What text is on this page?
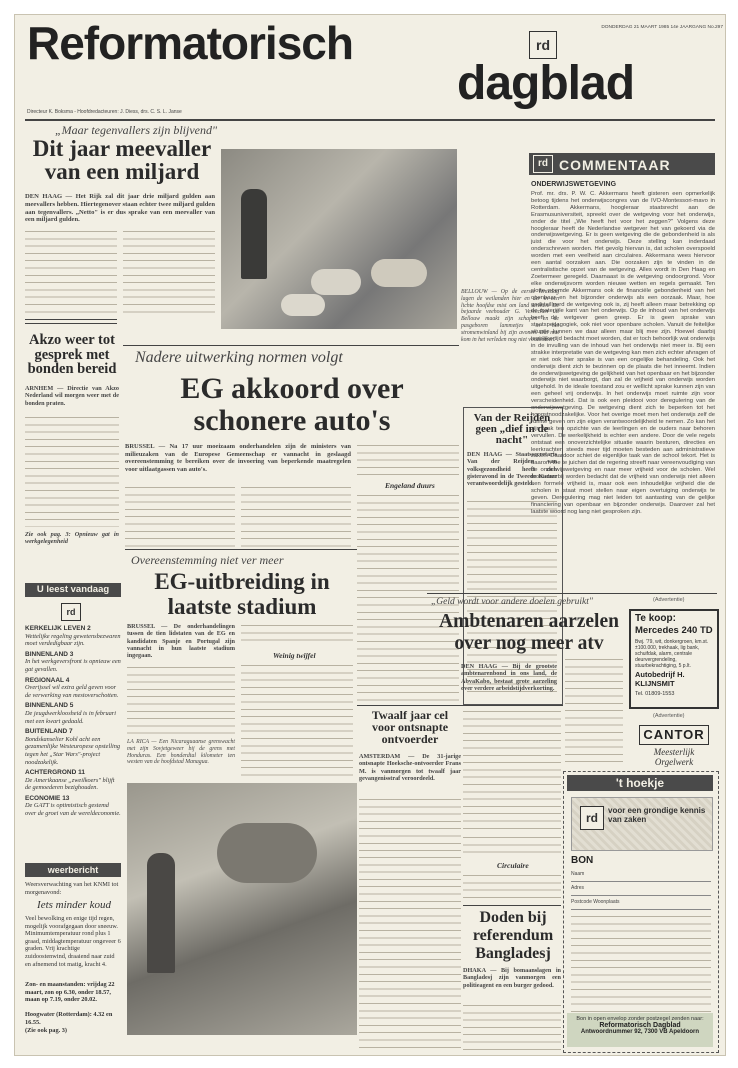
Reformatorisch	rd
DONDERDAG 21 MAART 1985 14e JAARGANG No.297
dagblad
Directeur K. Boksma - Hoofdredacteuren: J. Diess, drs. C. S. L. Janse
„Maar tegenvallers zijn blijvend"
Dit jaar meevaller van een miljard
DEN HAAG — Het Rijk zal dit jaar drie miljard gulden aan meevallers hebben. Hiertegenover staan echter twee miljard gulden aan tegenvallers. „Netto" is er dus sprake van een meevaller van een miljard gulden.
BELLOUW — Op de eerste lentedag lagen de weilanden hier en der in een lichte hoofdse mist om land streken. De bejaarde veehouder G. Vereecken uit Bellouw maakt zijn schapen en de pasgeboren lammetjes in het stromenwinland bij zijn avonen. Dat mat kom in het verleden nog niet voorkomen.
Akzo weer tot gesprek met bonden bereid
ARNHEM — Directie van Akzo Nederland wil morgen weer met de bonden praten.
Zie ook pag. 3: Opnieuw gat in werkgelegenheid
Nadere uitwerking normen volgt
EG akkoord over schonere auto's
BRUSSEL — Na 17 uur moeizaam onderhandelen zijn de ministers van milieuzaken van de Europese Gemeenschap er vannacht in geslaagd overeenstemming te bereiken over de invoering van beperkende maatregelen voor uitlaatgassen van auto's.
Engeland duurs
Van der Reijden geen „dief in de nacht"
DEN HAAG — Staatssecretaris Van der Reijden van volksgezondheid heeft zich gisteravond in de Tweede Kamer verantwoordelijk gesteld.
rd COMMENTAAR
ONDERWIJSWETGEVING
Prof. mr. drs. P. W. C. Akkermans heeft gisteren een opmerkelijk betoog tijdens het onderwijscongres van de IVO-Montessori-mavo in Rotterdam. Akkermans, hoogleraar staatsrecht aan de Erasmusuniversiteit, spreekt over de wetgeving voor het onderwijs, onder de titel „Wie heeft het voor het zeggen?" Volgens deze hoogleraar heeft de Nederlandse wetgever het van gekoerd via de onderwijswetgeving. Er is geen wetgeving die de gebondenheid is als juist die voor het onderwijs. Deze stelling kan inderdaad onderschreven worden. Het gevolg hiervan is, dat scholen overspoeld worden met een veelheid aan circulaires. Akkermans wees hiervoor een aantal oorzaken aan. Die oorzaken zijn te vinden in de centralistische opzet van de wetgeving. Alles wordt in Den Haag en Zoetermeer geregeld. Daarnaast is de wetgeving ondoorgrond. Voor elke onderwijsvorm worden nieuwe wetten en regels gemaakt. Ten slotte noemde Akkermans ook de financiële gebondenheid van het openbaar en het bijzonder onderwijs als een oorzaak. Maar, hoe gedetailleerd de wetgeving ook is, zij heeft alleen maar betrekking op de materiële kant van het onderwijs. Op de inhoud van het onderwijs heeft de wetgever geen greep. Er is geen sprake van staatspedagogiek, ook niet voor openbare scholen. Vanuit de feitelijke situatie kunnen we daar alleen maar blij mee zijn. Hoewel daarbij tegelijkertijd bedacht moet worden, dat er toch behoorlijk wat onderwijs in de invulling van de inhoud van het onderwijs niet meer is. Bij een strakke interpretatie van de wetgeving kan men zich echter afvragen of er niet ook hier sprake is van een ongelijke behandeling. Ook het onderwijs dient zich te bezinnen op de plaats die het inneemt. Indien de onderwijswetgeving de gelijkheid van het openbaar en het bijzonder onderwijs niet waarborgt, dan zal de vrijheid van onderwijs worden uitgehold. In de ideale toestand zou er wellicht sprake kunnen zijn van een geheel vrij onderwijs. In het onderwijs moet ruimte zijn voor verscheidenheid. Dat is ook een pleidooi voor deregulering van de onderwijswetgeving. De wetgeving dient zich te beperken tot het hoogstnoodzakelijke. Voor het overige moet men het onderwijs zelf de ruimte geven om zijn eigen verantwoordelijkheid te nemen. Zo kan het zijn taak ten opzichte van de leerlingen en de ouders naar behoren vervullen. De werkelijkheid is echter een andere. Door de vele regels ontstaat een onoverzichtelijke situatie waarin besturen, directies en leerkrachten steeds meer tijd moeten besteden aan administratieve zaken. Daardoor schiet de eigenlijke taak van de school tekort. Het is daarom toe te juichen dat de regering streeft naar vereenvoudiging van de onderwijswetgeving en naar meer vrijheid voor de scholen. Wel moet daarbij worden bedacht dat de vrijheid van onderwijs niet alleen een formele vrijheid is, maar ook een inhoudelijke vrijheid die de scholen in staat moet stellen naar eigen overtuiging onderwijs te geven. Deregulering mag niet leiden tot aantasting van de gelijke financiering van openbaar en bijzonder onderwijs. Daarover zal het laatste woord nog lang niet gesproken zijn.
U leest vandaag
rd
KERKELIJK LEVEN 2
Wettelijke regeling gewetensbezwaren moet verdedigbaar zijn.
BINNENLAND 3
In het werkgeversfront is opnieuw een gat gevallen.
REGIONAAL 4
Overijssel wil extra geld geven voor de verwerking van mestoverschotten.
BINNENLAND 5
De jeugdwerkloosheid is in februari met een kwart gedaald.
BUITENLAND 7
Bondskanselier Kohl acht een gezamenlijke Westeuropese opstelling tegen het „Star Wars"-project noodzakelijk.
ACHTERGROND 11
De Amerikaanse „zweilkoers" blijft de gemoederen bezighouden.
ECONOMIE 13
De GATT is optimistisch gestemd over de groei van de wereldeconomie.
weerbericht
Weersverwachting van het KNMI tot morgenavond:
Iets minder koud
Veel bewolking en enige tijd regen, mogelijk voorafgegaan door sneeuw. Minimumtemperatuur rond plus 1 graad, middagtemperatuur ongeveer 6 graden. Vrij krachtige zuidoostenwind, draaiend naar zuid en afnemend tot matig, kracht 4.
Zon- en maanstanden: vrijdag 22 maart, zon op 6.30, onder 18.57, maan op 7.19, onder 20.02.
Hoogwater (Rotterdam): 4.32 en 16.55.
(Zie ook pag. 3)
Overeenstemming niet ver meer
EG-uitbreiding in laatste stadium
BRUSSEL — De onderhandelingen tussen de tien lidstaten van de EG en kandidaten Spanje en Portugal zijn vannacht in hun laatste stadium ingegaan.
LA RICA — Een Nicaraguaanse grenswacht met zijn Sovjetgeweer bij de grens met Honduras. Een honderdtal kilometer ten westen van de hoofdstad Managua.
Weinig twijfel
Twaalf jaar cel voor ontsnapte ontvoerder
AMSTERDAM — De 31-jarige ontsnapte Hoeksche-ontvoerder Frans M. is vanmorgen tot twaalf jaar gevangenisstraf veroordeeld.
„Geld wordt voor andere doelen gebruikt"
Ambtenaren aarzelen over nog meer atv
DEN HAAG — Bij de grootste ambtenarenbond in ons land, de AbvaKabo, bestaat grote aarzeling over verdere arbeidstijdverkorting.
Circulaire
Doden bij referendum Bangladesj
DHAKA — Bij bomaanslagen in Bangladesj zijn vanmorgen een politieagent en een burger gedood.
(Advertentie)
Te koop:
Mercedes 240 TD
Bwj. '79, wit, donkergroen, km.st. ±100.000, trekhaak, lig bank, schuifdak, alarm, centrale deurvergrendeling, stuurbekrachtiging, 5 p.lt.
Autobedrijf H. KLIJNSMIT
Tel. 01809-1553
(Advertentie)
CANTOR
Meesterlijk Orgelwerk
't hoekje
rd
voor een grondige kennis van zaken
BON
Naam
Adres
Postcode Woonplaats
Bon in open envelop zonder postzegel zenden naar:
Reformatorisch Dagblad
Antwoordnummer 92, 7300 VB Apeldoorn
